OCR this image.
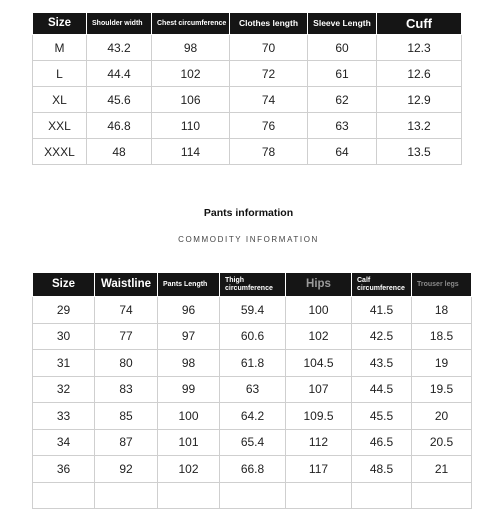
Size	Shoulder width	Chest circumference	Clothes length	Sleeve Length	Cuff
M	43.2	98	70	60	12.3
L	44.4	102	72	61	12.6
XL	45.6	106	74	62	12.9
XXL	46.8	110	76	63	13.2
XXXL	48	114	78	64	13.5
Pants information
COMMODITY INFORMATION
Size	Waistline	Pants Length	Thigh circumference	Hips	Calf circumference	Trouser legs
29	74	96	59.4	100	41.5	18
30	77	97	60.6	102	42.5	18.5
31	80	98	61.8	104.5	43.5	19
32	83	99	63	107	44.5	19.5
33	85	100	64.2	109.5	45.5	20
34	87	101	65.4	112	46.5	20.5
36	92	102	66.8	117	48.5	21
